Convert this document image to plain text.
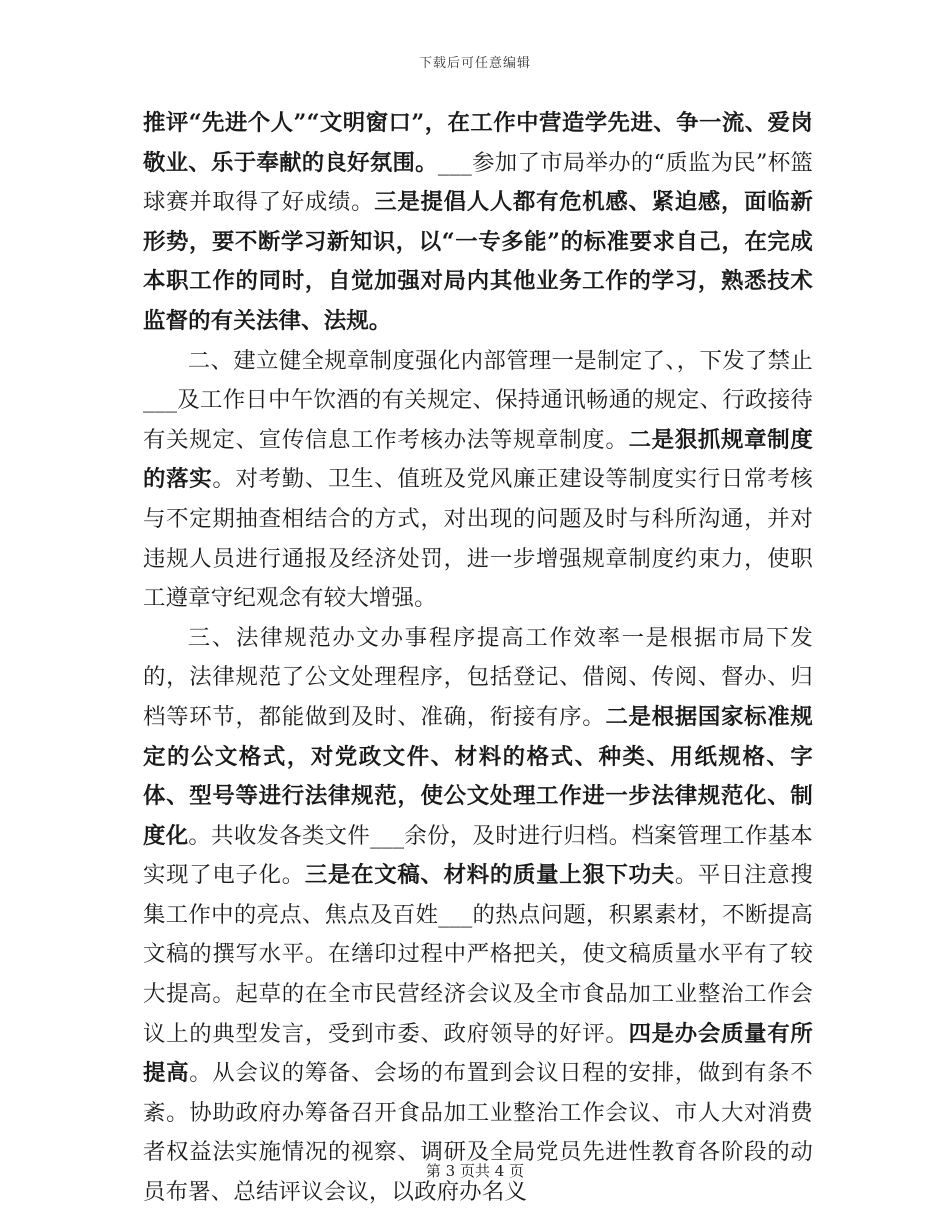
下载后可任意编辑

推评“先进个人”“文明窗口”，在工作中营造学先进、争一流、爱岗敬业、乐于奉献的良好氛围。___参加了市局举办的“质监为民”杯篮球赛并取得了好成绩。三是提倡人人都有危机感、紧迫感，面临新形势，要不断学习新知识，以“一专多能”的标准要求自己，在完成本职工作的同时，自觉加强对局内其他业务工作的学习，熟悉技术监督的有关法律、法规。

二、建立健全规章制度强化内部管理一是制定了、，下发了禁止___及工作日中午饮酒的有关规定、保持通讯畅通的规定、行政接待有关规定、宣传信息工作考核办法等规章制度。二是狠抓规章制度的落实。对考勤、卫生、值班及党风廉正建设等制度实行日常考核与不定期抽查相结合的方式，对出现的问题及时与科所沟通，并对违规人员进行通报及经济处罚，进一步增强规章制度约束力，使职工遵章守纪观念有较大增强。

三、法律规范办文办事程序提高工作效率一是根据市局下发的，法律规范了公文处理程序，包括登记、借阅、传阅、督办、归档等环节，都能做到及时、准确，衔接有序。二是根据国家标准规定的公文格式，对党政文件、材料的格式、种类、用纸规格、字体、型号等进行法律规范，使公文处理工作进一步法律规范化、制度化。共收发各类文件___余份，及时进行归档。档案管理工作基本实现了电子化。三是在文稿、材料的质量上狠下功夫。平日注意搜集工作中的亮点、焦点及百姓___的热点问题，积累素材，不断提高文稿的撰写水平。在缮印过程中严格把关，使文稿质量水平有了较大提高。起草的在全市民营经济会议及全市食品加工业整治工作会议上的典型发言，受到市委、政府领导的好评。四是办会质量有所提高。从会议的筹备、会场的布置到会议日程的安排，做到有条不紊。协助政府办筹备召开食品加工业整治工作会议、市人大对消费者权益法实施情况的视察、调研及全局党员先进性教育各阶段的动员布署、总结评议会议，以政府办名义

第 3 页共 4 页
